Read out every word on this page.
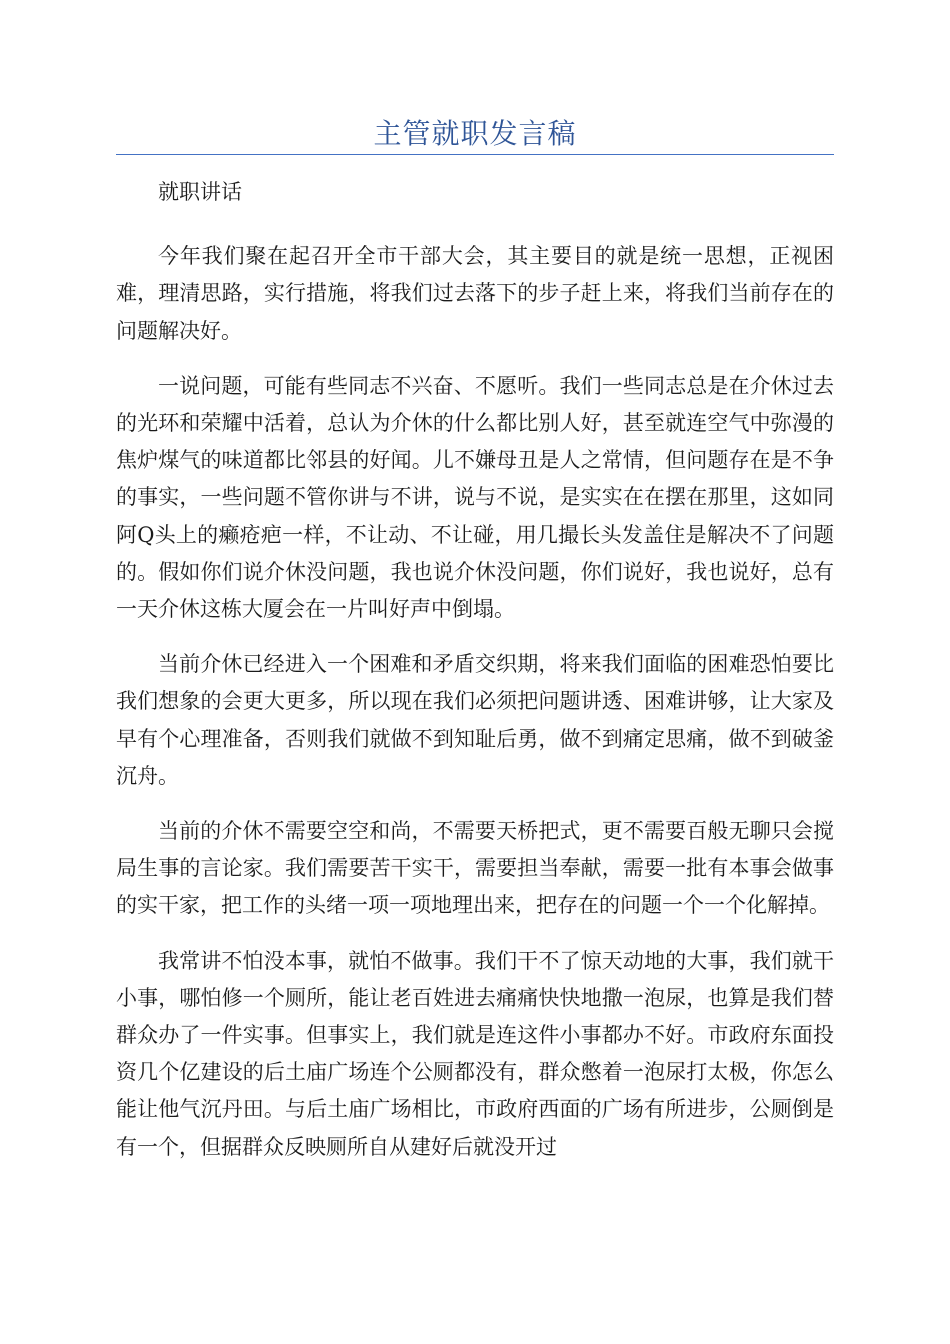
主管就职发言稿

就职讲话

今年我们聚在起召开全市干部大会，其主要目的就是统一思想，正视困难，理清思路，实行措施，将我们过去落下的步子赶上来，将我们当前存在的问题解决好。

一说问题，可能有些同志不兴奋、不愿听。我们一些同志总是在介休过去的光环和荣耀中活着，总认为介休的什么都比别人好，甚至就连空气中弥漫的焦炉煤气的味道都比邻县的好闻。儿不嫌母丑是人之常情，但问题存在是不争的事实，一些问题不管你讲与不讲，说与不说，是实实在在摆在那里，这如同阿Q头上的癞疮疤一样，不让动、不让碰，用几撮长头发盖住是解决不了问题的。假如你们说介休没问题，我也说介休没问题，你们说好，我也说好，总有一天介休这栋大厦会在一片叫好声中倒塌。

当前介休已经进入一个困难和矛盾交织期，将来我们面临的困难恐怕要比我们想象的会更大更多，所以现在我们必须把问题讲透、困难讲够，让大家及早有个心理准备，否则我们就做不到知耻后勇，做不到痛定思痛，做不到破釜沉舟。

当前的介休不需要空空和尚，不需要天桥把式，更不需要百般无聊只会搅局生事的言论家。我们需要苦干实干，需要担当奉献，需要一批有本事会做事的实干家，把工作的头绪一项一项地理出来，把存在的问题一个一个化解掉。

我常讲不怕没本事，就怕不做事。我们干不了惊天动地的大事，我们就干小事，哪怕修一个厕所，能让老百姓进去痛痛快快地撒一泡尿，也算是我们替群众办了一件实事。但事实上，我们就是连这件小事都办不好。市政府东面投资几个亿建设的后土庙广场连个公厕都没有，群众憋着一泡尿打太极，你怎么能让他气沉丹田。与后土庙广场相比，市政府西面的广场有所进步，公厕倒是有一个，但据群众反映厕所自从建好后就没开过
